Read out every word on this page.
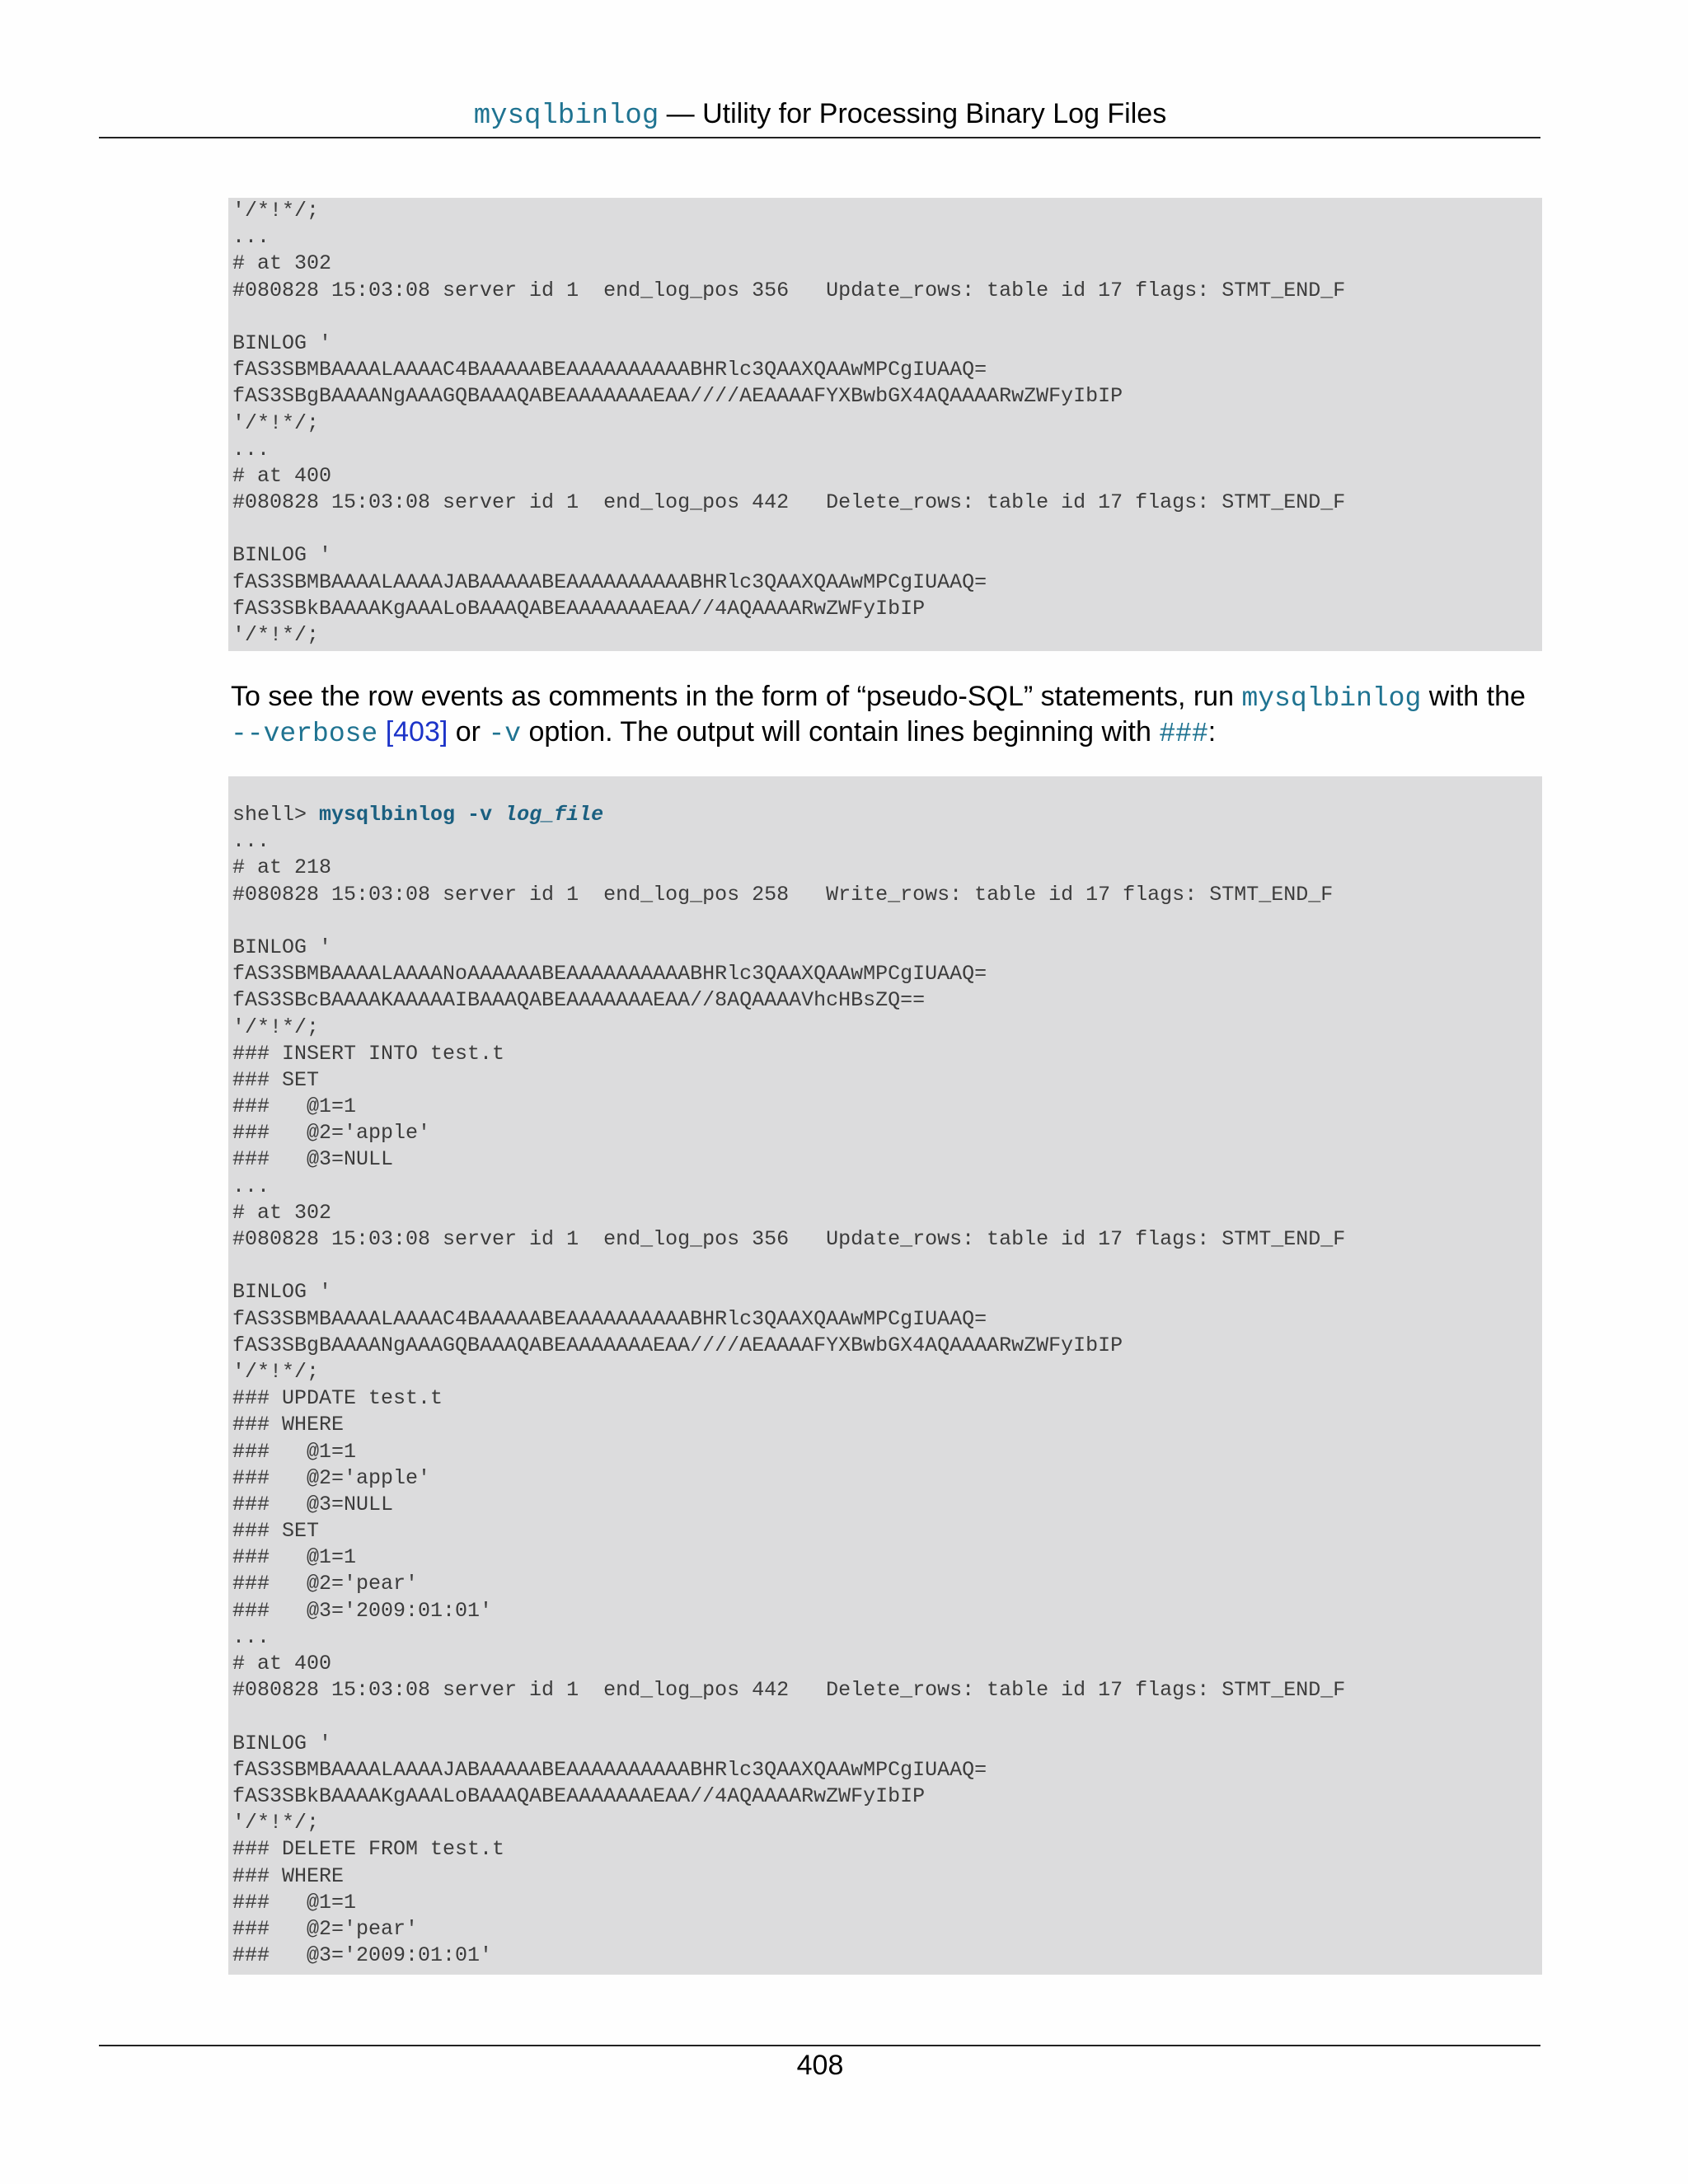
mysqlbinlog — Utility for Processing Binary Log Files
'/*!*/;
...
# at 302
#080828 15:03:08 server id 1  end_log_pos 356   Update_rows: table id 17 flags: STMT_END_F
BINLOG '
fAS3SBMBAAAALAAAAC4BAAAAABEAAAAAAAAAABHRlc3QAAXQAAwMPCgIUAAQ=
fAS3SBgBAAAANgAAAGQBAAAQABEAAAAAAAEAA////AEAAAAFYXBwbGX4AQAAAARwZWFyIbIP
'/*!*/;
...
# at 400
#080828 15:03:08 server id 1  end_log_pos 442   Delete_rows: table id 17 flags: STMT_END_F
BINLOG '
fAS3SBMBAAAALAAAAJABAAAAABEAAAAAAAAAABHRlc3QAAXQAAwMPCgIUAAQ=
fAS3SBkBAAAAKgAAALoBAAAQABEAAAAAAAEAA//4AQAAAARwZWFyIbIP
'/*!*/;
To see the row events as comments in the form of “pseudo-SQL” statements, run mysqlbinlog with the --verbose [403] or -v option. The output will contain lines beginning with ###:
shell> mysqlbinlog -v log_file
...
# at 218
#080828 15:03:08 server id 1  end_log_pos 258   Write_rows: table id 17 flags: STMT_END_F
BINLOG '
fAS3SBMBAAAALAAAANoAAAAAABEAAAAAAAAAABHRlc3QAAXQAAwMPCgIUAAQ=
fAS3SBcBAAAAKAAAAAIBAAAQABEAAAAAAAEAA//8AQAAAAVhcHBsZQ==
'/*!*/;
### INSERT INTO test.t
### SET
###   @1=1
###   @2='apple'
###   @3=NULL
...
# at 302
#080828 15:03:08 server id 1  end_log_pos 356   Update_rows: table id 17 flags: STMT_END_F
BINLOG '
fAS3SBMBAAAALAAAAC4BAAAAABEAAAAAAAAAABHRlc3QAAXQAAwMPCgIUAAQ=
fAS3SBgBAAAANgAAAGQBAAAQABEAAAAAAAEAA////AEAAAAFYXBwbGX4AQAAAARwZWFyIbIP
'/*!*/;
### UPDATE test.t
### WHERE
###   @1=1
###   @2='apple'
###   @3=NULL
### SET
###   @1=1
###   @2='pear'
###   @3='2009:01:01'
...
# at 400
#080828 15:03:08 server id 1  end_log_pos 442   Delete_rows: table id 17 flags: STMT_END_F
BINLOG '
fAS3SBMBAAAALAAAAJABAAAAABEAAAAAAAAAABHRlc3QAAXQAAwMPCgIUAAQ=
fAS3SBkBAAAAKgAAALoBAAAQABEAAAAAAAEAA//4AQAAAARwZWFyIbIP
'/*!*/;
### DELETE FROM test.t
### WHERE
###   @1=1
###   @2='pear'
###   @3='2009:01:01'
408
